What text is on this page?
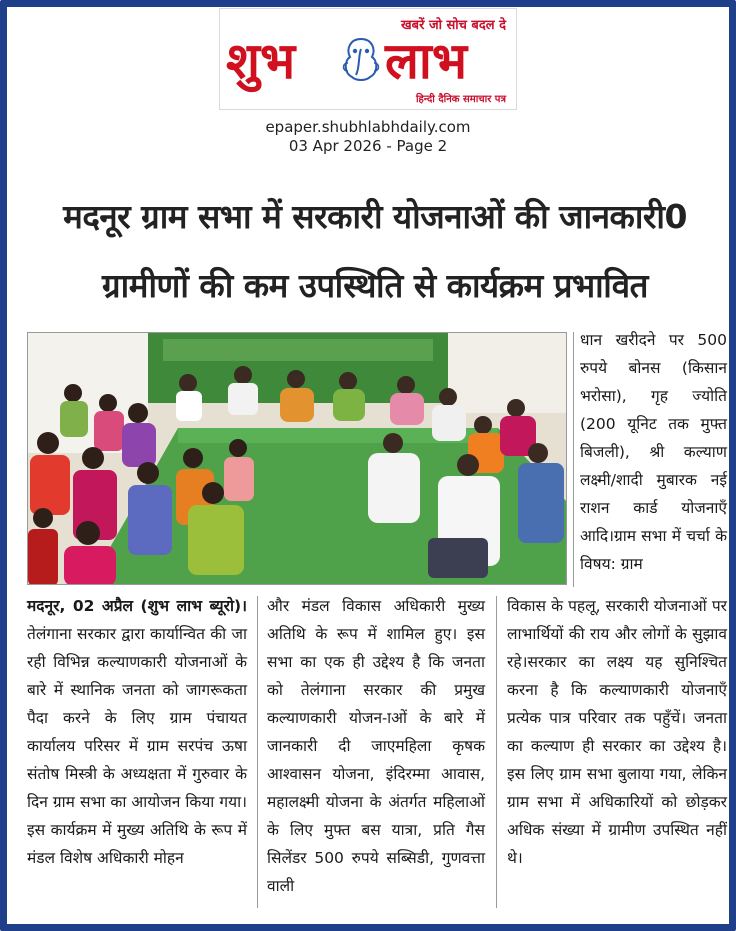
खबरें जो सोच बदल दे
शुभ लाभ
हिन्दी दैनिक समाचार पत्र
epaper.shubhlabhdaily.com
03 Apr 2026 - Page 2
मदनूर ग्राम सभा में सरकारी योजनाओं की जानकारी0
ग्रामीणों की कम उपस्थिति से कार्यक्रम प्रभावित

धान खरीदने पर 500 रुपये बोनस (किसान भरोसा), गृह ज्योति (200 यूनिट तक मुफ्त बिजली), श्री कल्याण लक्ष्मी/शादी मुबारक नई राशन कार्ड योजनाएँ आदि।ग्राम सभा में चर्चा के विषय: ग्राम

मदनूर, 02 अप्रैल (शुभ लाभ ब्यूरो)। तेलंगाना सरकार द्वारा कार्यान्वित की जा रही विभिन्न कल्याणकारी योजनाओं के बारे में स्थानिक जनता को जागरूकता पैदा करने के लिए ग्राम पंचायत कार्यालय परिसर में ग्राम सरपंच ऊषा संतोष मिस्त्री के अध्यक्षता में गुरुवार के दिन ग्राम सभा का आयोजन किया गया। इस कार्यक्रम में मुख्य अतिथि के रूप में मंडल विशेष अधिकारी मोहन

और मंडल विकास अधिकारी मुख्य अतिथि के रूप में शामिल हुए। इस सभा का एक ही उद्देश्य है कि जनता को तेलंगाना सरकार की प्रमुख कल्याणकारी योजन-ाओं के बारे में जानकारी दी जाएमहिला कृषक आश्वासन योजना, इंदिरम्मा आवास, महालक्ष्मी योजना के अंतर्गत महिलाओं के लिए मुफ्त बस यात्रा, प्रति गैस सिलेंडर 500 रुपये सब्सिडी, गुणवत्ता वाली

विकास के पहलू, सरकारी योजनाओं पर लाभार्थियों की राय और लोगों के सुझाव रहे।सरकार का लक्ष्य यह सुनिश्चित करना है कि कल्याणकारी योजनाएँ प्रत्येक पात्र परिवार तक पहुँचें। जनता का कल्याण ही सरकार का उद्देश्य है। इस लिए ग्राम सभा बुलाया गया, लेकिन ग्राम सभा में अधिकारियों को छोड़कर अधिक संख्या में ग्रामीण उपस्थित नहीं थे।
